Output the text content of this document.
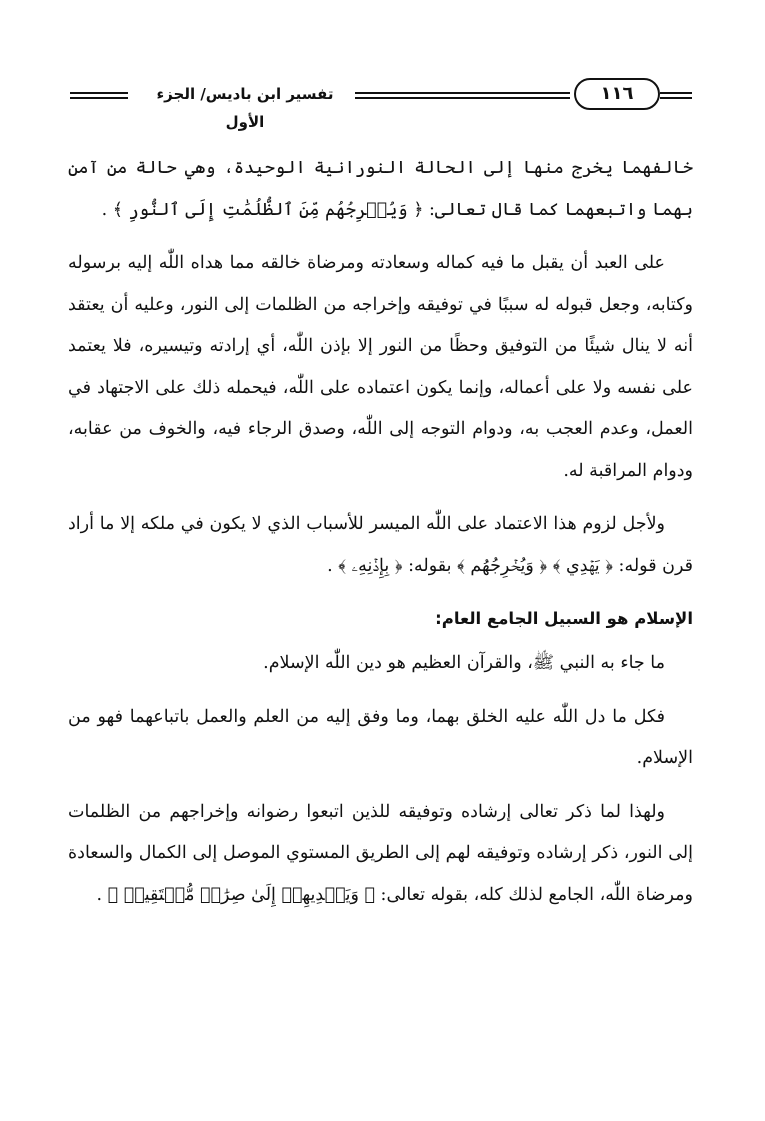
١١٦
تفسير ابن باديس/ الجزء الأول

خالفهما يخرج منها إلى الحالة النورانية الوحيدة، وهي حالة من آمن بهما واتبعهما كما قال تعالى: ﴿ وَيُخۡرِجُهُم مِّنَ ٱلظُّلُمَٰتِ إِلَى ٱلنُّورِ ﴾ .

على العبد أن يقبل ما فيه كماله وسعادته ومرضاة خالقه مما هداه اللّٰه إليه برسوله وكتابه، وجعل قبوله له سببًا في توفيقه وإخراجه من الظلمات إلى النور، وعليه أن يعتقد أنه لا ينال شيئًا من التوفيق وحظًا من النور إلا بإذن اللّٰه، أي إرادته وتيسيره، فلا يعتمد على نفسه ولا على أعماله، وإنما يكون اعتماده على اللّٰه، فيحمله ذلك على الاجتهاد في العمل، وعدم العجب به، ودوام التوجه إلى اللّٰه، وصدق الرجاء فيه، والخوف من عقابه، ودوام المراقبة له.

ولأجل لزوم هذا الاعتماد على اللّٰه الميسر للأسباب الذي لا يكون في ملكه إلا ما أراد قرن قوله: ﴿ يَهۡدِي ﴾ ﴿ وَيُخۡرِجُهُم ﴾ بقوله: ﴿ بِإِذۡنِهِۦ ﴾ .

الإسلام هو السبيل الجامع العام:

ما جاء به النبي ﷺ، والقرآن العظيم هو دين اللّٰه الإسلام.

فكل ما دل اللّٰه عليه الخلق بهما، وما وفق إليه من العلم والعمل باتباعهما فهو من الإسلام.

ولهذا لما ذكر تعالى إرشاده وتوفيقه للذين اتبعوا رضوانه وإخراجهم من الظلمات إلى النور، ذكر إرشاده وتوفيقه لهم إلى الطريق المستوي الموصل إلى الكمال والسعادة ومرضاة اللّٰه، الجامع لذلك كله، بقوله تعالى: ﴿ وَيَهۡدِيهِمۡ إِلَىٰ صِرَٰطٖ مُّسۡتَقِيمٖ ﴾ .
